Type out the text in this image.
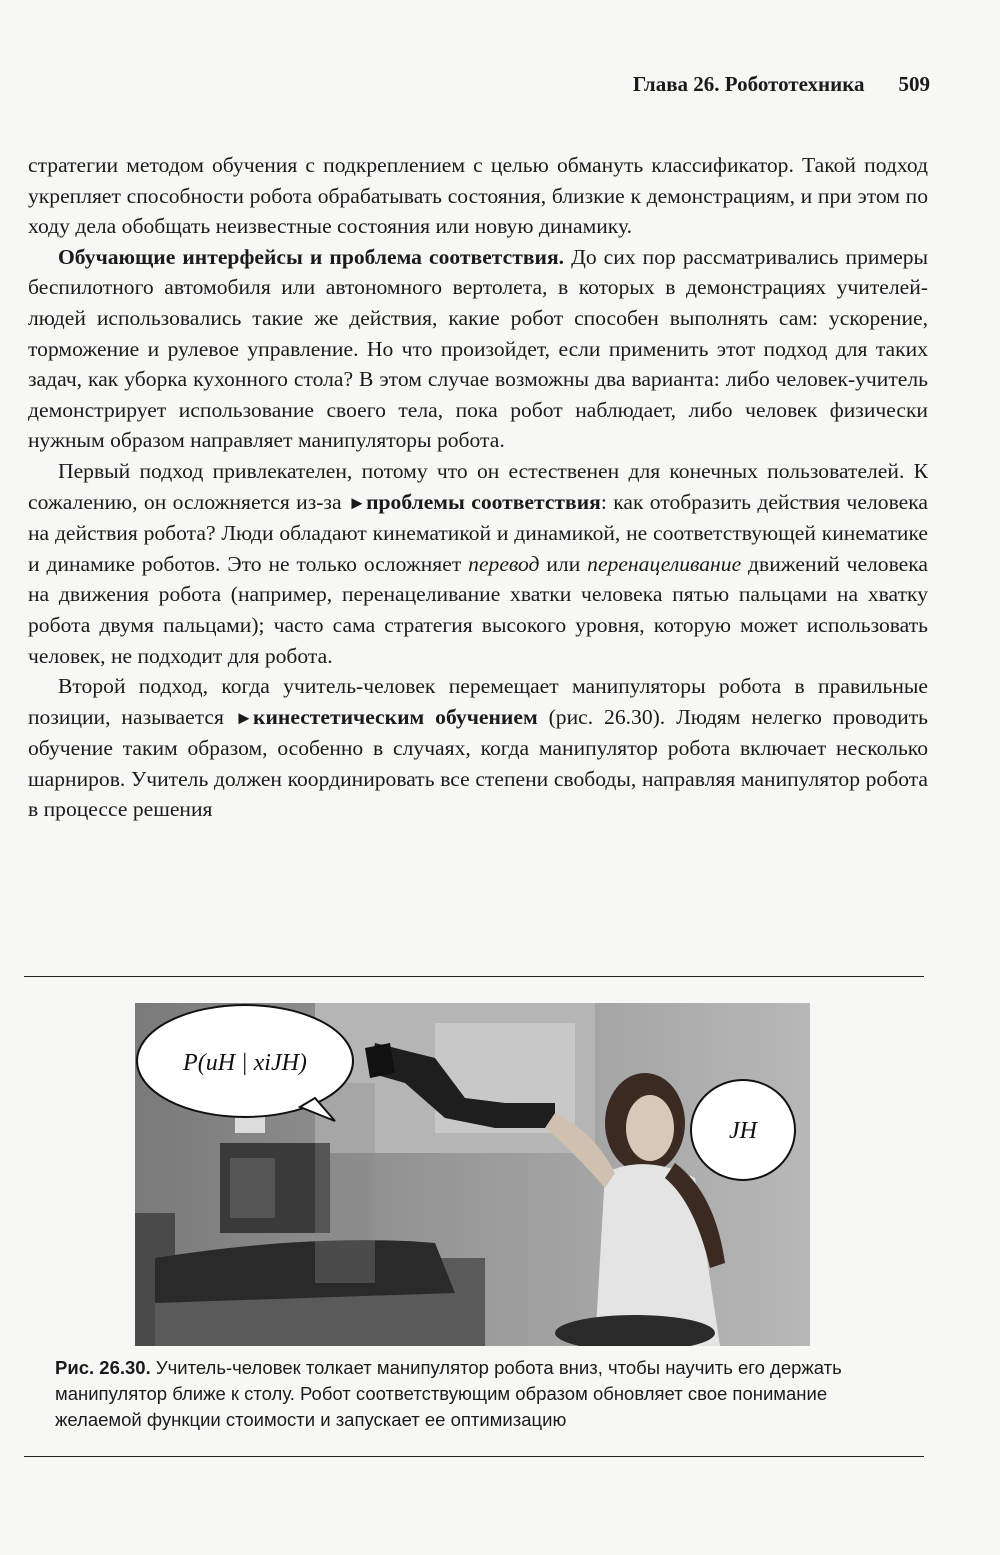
Глава 26. Робототехника 509

стратегии методом обучения с подкреплением с целью обмануть классификатор. Такой подход укрепляет способности робота обрабатывать состояния, близкие к демонстрациям, и при этом по ходу дела обобщать неизвестные состояния или новую динамику.

Обучающие интерфейсы и проблема соответствия. До сих пор рассматривались примеры беспилотного автомобиля или автономного вертолета, в которых в демонстрациях учителей-людей использовались такие же действия, какие робот способен выполнять сам: ускорение, торможение и рулевое управление. Но что произойдет, если применить этот подход для таких задач, как уборка кухонного стола? В этом случае возможны два варианта: либо человек-учитель демонстрирует использование своего тела, пока робот наблюдает, либо человек физически нужным образом направляет манипуляторы робота.

Первый подход привлекателен, потому что он естественен для конечных пользователей. К сожалению, он осложняется из-за ►проблемы соответствия: как отобразить действия человека на действия робота? Люди обладают кинематикой и динамикой, не соответствующей кинематике и динамике роботов. Это не только осложняет перевод или перенацеливание движений человека на движения робота (например, перенацеливание хватки человека пятью пальцами на хватку робота двумя пальцами); часто сама стратегия высокого уровня, которую может использовать человек, не подходит для робота.

Второй подход, когда учитель-человек перемещает манипуляторы робота в правильные позиции, называется ►кинестетическим обучением (рис. 26.30). Людям нелегко проводить обучение таким образом, особенно в случаях, когда манипулятор робота включает несколько шарниров. Учитель должен координировать все степени свободы, направляя манипулятор робота в процессе решения

P(uH | xiJH)
JH
Рис. 26.30. Учитель-человек толкает манипулятор робота вниз, чтобы научить его держать манипулятор ближе к столу. Робот соответствующим образом обновляет свое понимание желаемой функции стоимости и запускает ее оптимизацию
